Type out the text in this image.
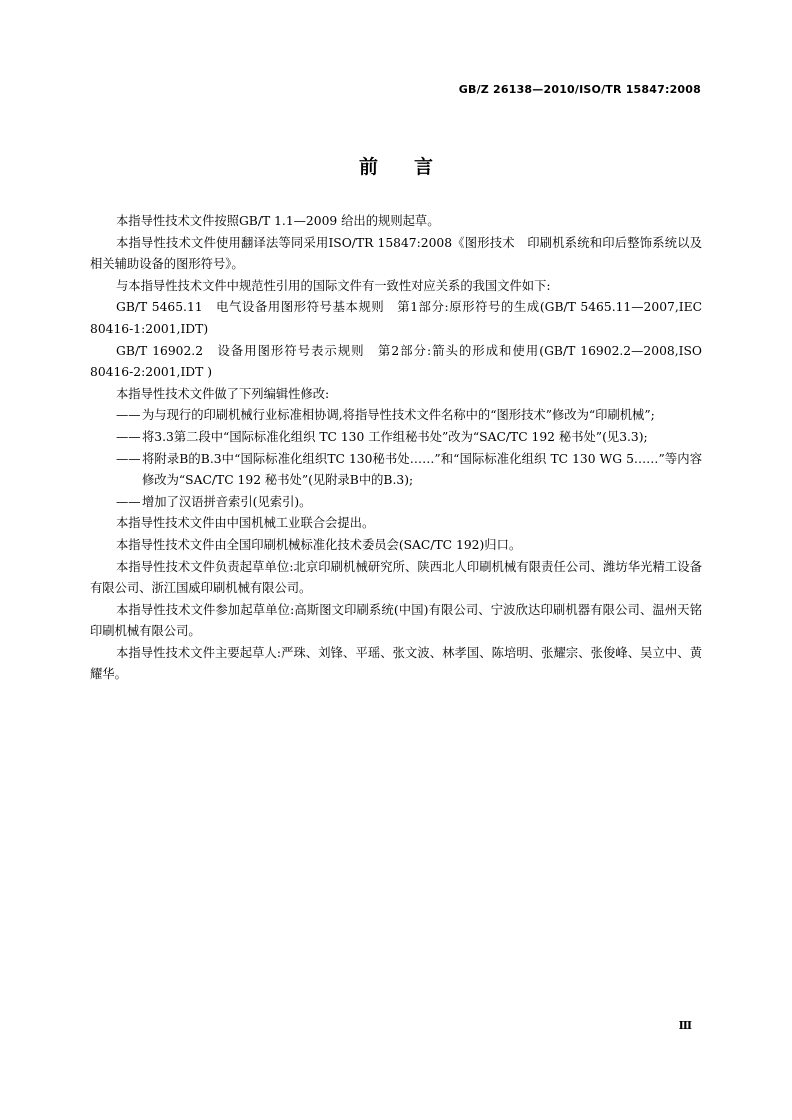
GB/Z 26138—2010/ISO/TR 15847:2008
前言

本指导性技术文件按照GB/T 1.1—2009 给出的规则起草。

本指导性技术文件使用翻译法等同采用ISO/TR 15847:2008《图形技术　印刷机系统和印后整饰系统以及相关辅助设备的图形符号》。

与本指导性技术文件中规范性引用的国际文件有一致性对应关系的我国文件如下:

GB/T 5465.11　电气设备用图形符号基本规则　第1部分:原形符号的生成(GB/T 5465.11—2007,IEC 80416-1:2001,IDT)

GB/T 16902.2　设备用图形符号表示规则　第2部分:箭头的形成和使用(GB/T 16902.2—2008,ISO 80416-2:2001,IDT )

本指导性技术文件做了下列编辑性修改:

—— 为与现行的印刷机械行业标准相协调,将指导性技术文件名称中的“图形技术”修改为“印刷机械”;

—— 将3.3第二段中“国际标准化组织 TC 130 工作组秘书处”改为“SAC/TC 192 秘书处”(见3.3);

—— 将附录B的B.3中“国际标准化组织TC 130秘书处……”和“国际标准化组织 TC 130 WG 5……”等内容修改为“SAC/TC 192 秘书处”(见附录B中的B.3);

—— 增加了汉语拼音索引(见索引)。

本指导性技术文件由中国机械工业联合会提出。

本指导性技术文件由全国印刷机械标准化技术委员会(SAC/TC 192)归口。

本指导性技术文件负责起草单位:北京印刷机械研究所、陕西北人印刷机械有限责任公司、潍坊华光精工设备有限公司、浙江国威印刷机械有限公司。

本指导性技术文件参加起草单位:高斯图文印刷系统(中国)有限公司、宁波欣达印刷机器有限公司、温州天铭印刷机械有限公司。

本指导性技术文件主要起草人:严珠、刘锋、平瑶、张文波、林孝国、陈培明、张耀宗、张俊峰、吴立中、黄耀华。

Ⅲ
